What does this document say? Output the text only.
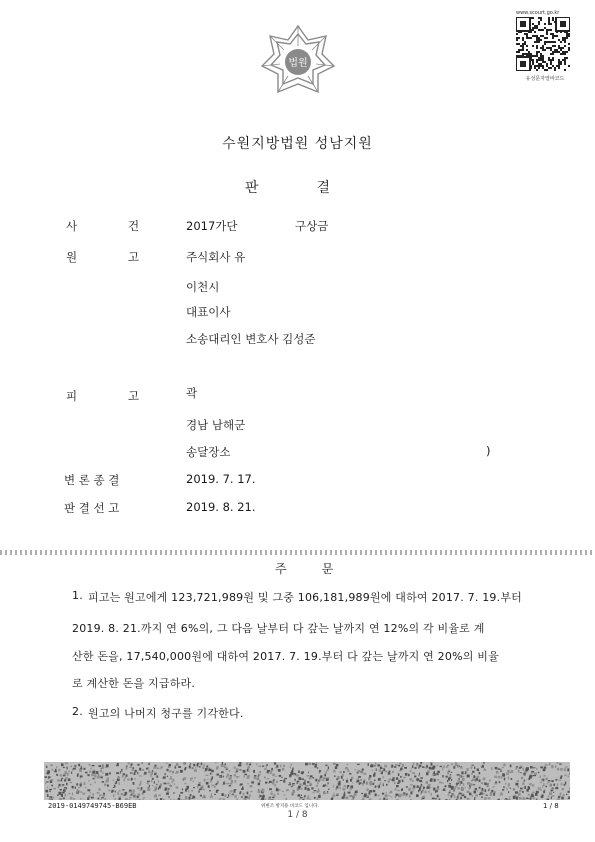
법원
www.scourt.go.kr
유성문자열바코드
수원지방법원 성남지원
판	결
사	건	2017가단　　　　　구상금
원	고	주식회사 유
이천시
대표이사
소송대리인 변호사 김성준
피	고	곽
경남 남해군
송달장소	)
변 론 종 결	2019. 7. 17.
판 결 선 고	2019. 8. 21.
주	문
1. 피고는 원고에게 123,721,989원 및 그중 106,181,989원에 대하여 2017. 7. 19.부터
2019. 8. 21.까지 연 6%의, 그 다음 날부터 다 갚는 날까지 연 12%의 각 비율로 계
산한 돈을, 17,540,000원에 대하여 2017. 7. 19.부터 다 갚는 날까지 연 20%의 비율
로 계산한 돈을 지급하라.
2. 원고의 나머지 청구를 기각한다.
2019-0149749745-B69EB	위변조 방지용 바코드 입니다.
1 / 8
1 / 8
